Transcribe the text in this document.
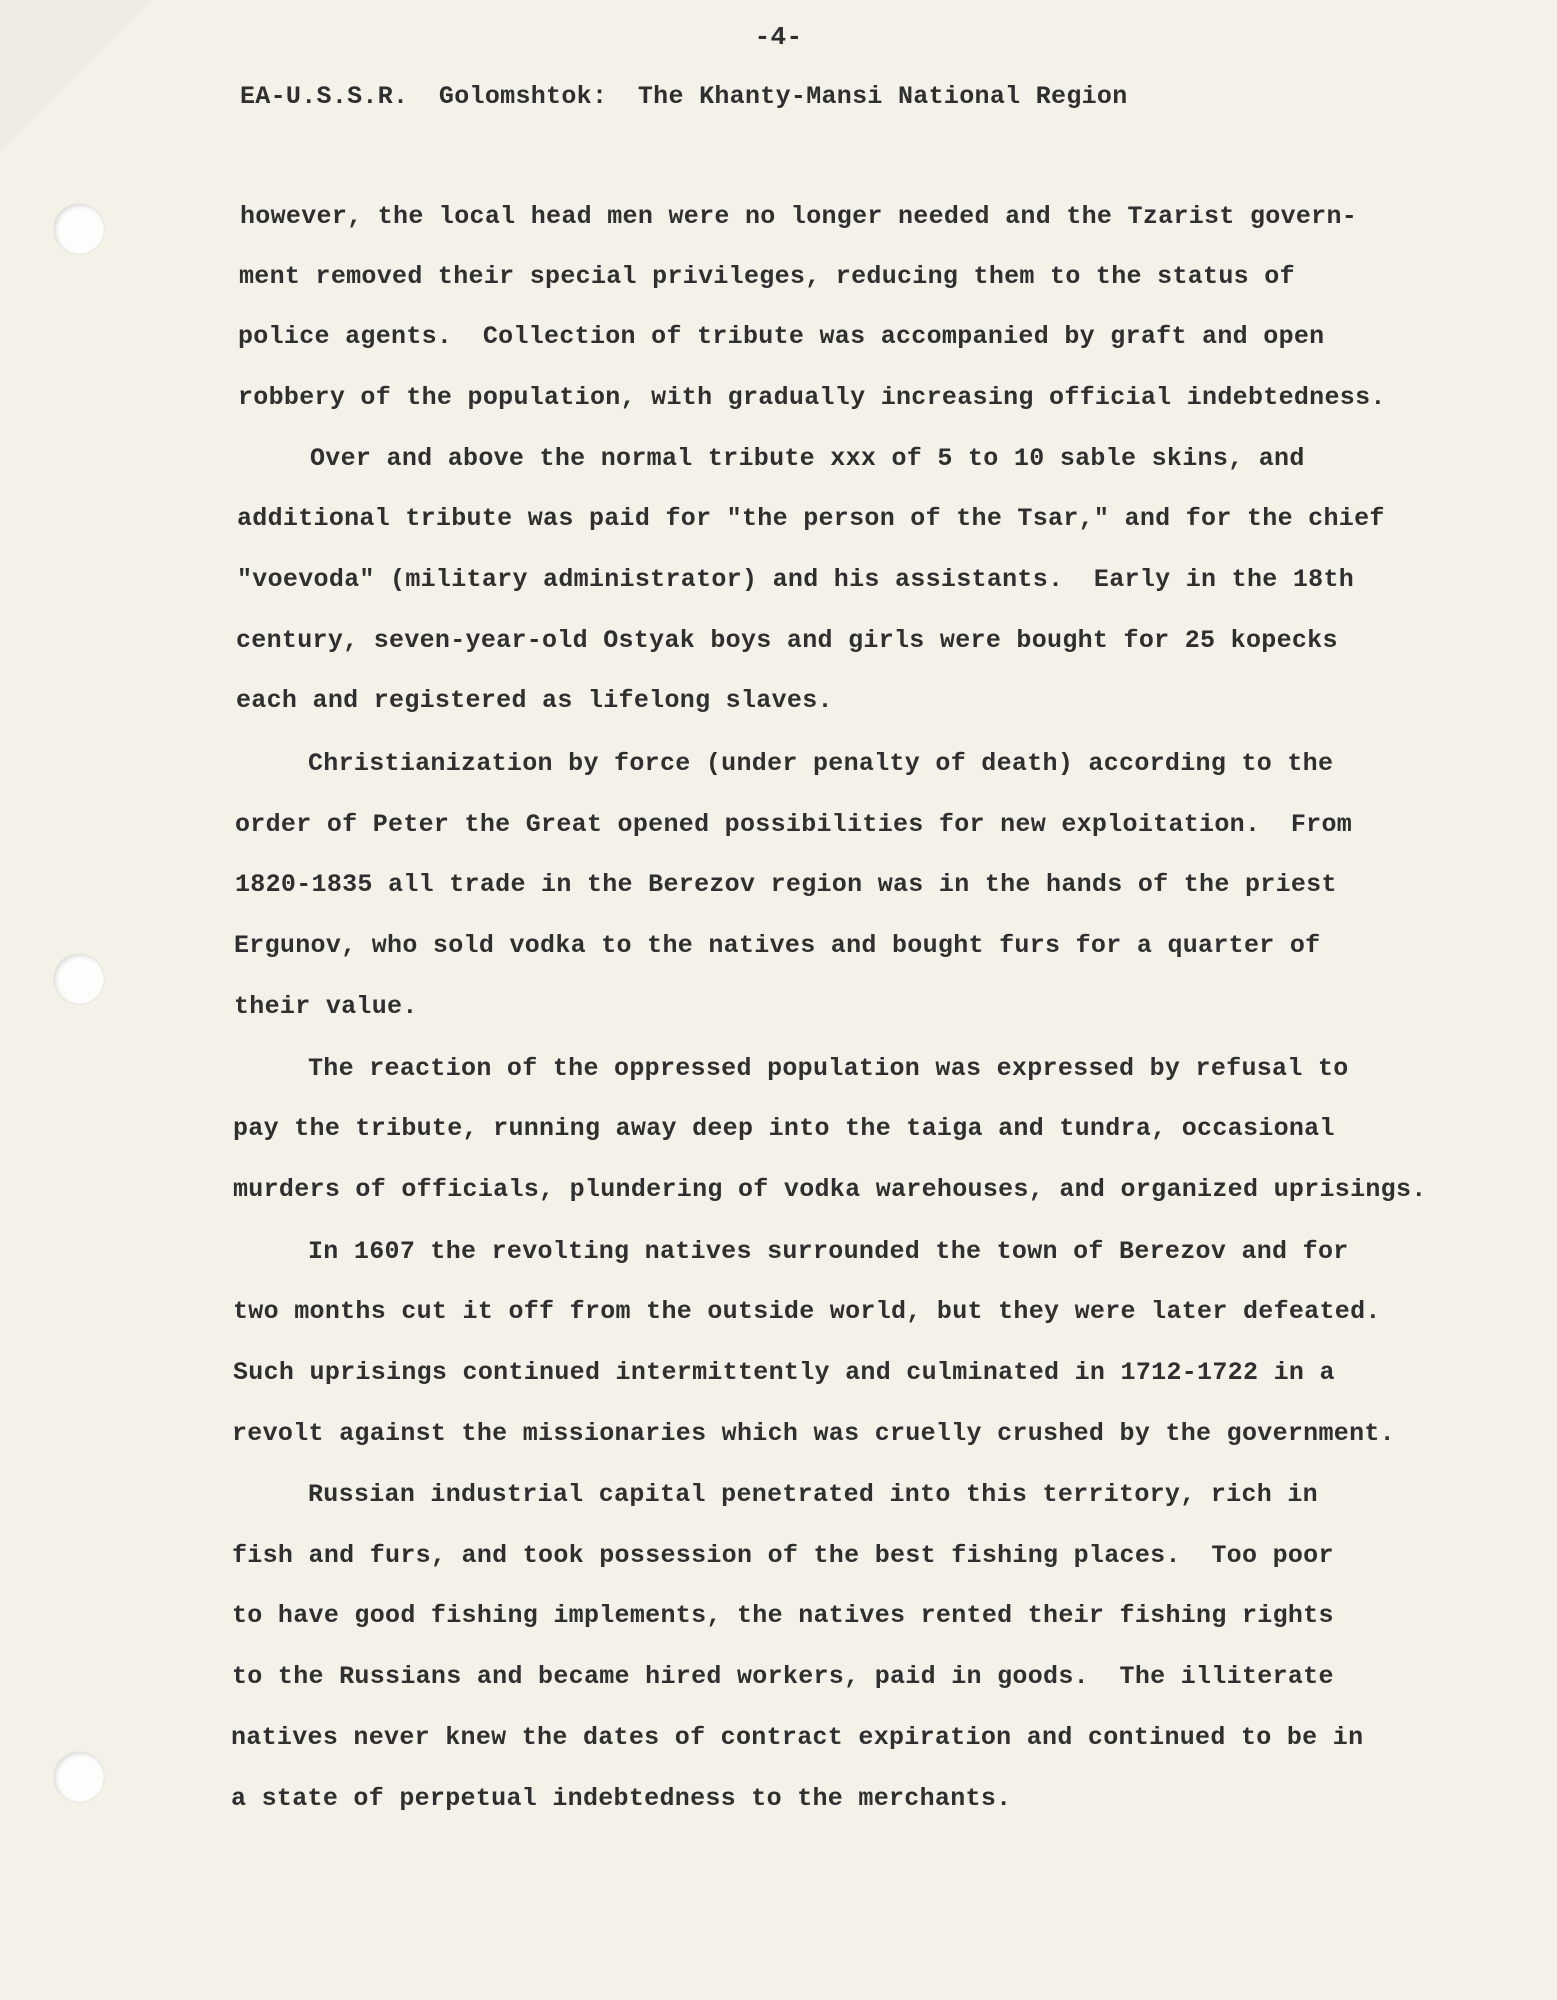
-4-
EA-U.S.S.R.  Golomshtok:  The Khanty-Mansi National Region
however, the local head men were no longer needed and the Tzarist govern-
ment removed their special privileges, reducing them to the status of
police agents.  Collection of tribute was accompanied by graft and open
robbery of the population, with gradually increasing official indebtedness.
Over and above the normal tribute xxx of 5 to 10 sable skins, and
additional tribute was paid for "the person of the Tsar," and for the chief
"voevoda" (military administrator) and his assistants.  Early in the 18th
century, seven-year-old Ostyak boys and girls were bought for 25 kopecks
each and registered as lifelong slaves.
Christianization by force (under penalty of death) according to the
order of Peter the Great opened possibilities for new exploitation.  From
1820-1835 all trade in the Berezov region was in the hands of the priest
Ergunov, who sold vodka to the natives and bought furs for a quarter of
their value.
The reaction of the oppressed population was expressed by refusal to
pay the tribute, running away deep into the taiga and tundra, occasional
murders of officials, plundering of vodka warehouses, and organized uprisings.
In 1607 the revolting natives surrounded the town of Berezov and for
two months cut it off from the outside world, but they were later defeated.
Such uprisings continued intermittently and culminated in 1712-1722 in a
revolt against the missionaries which was cruelly crushed by the government.
Russian industrial capital penetrated into this territory, rich in
fish and furs, and took possession of the best fishing places.  Too poor
to have good fishing implements, the natives rented their fishing rights
to the Russians and became hired workers, paid in goods.  The illiterate
natives never knew the dates of contract expiration and continued to be in
a state of perpetual indebtedness to the merchants.
